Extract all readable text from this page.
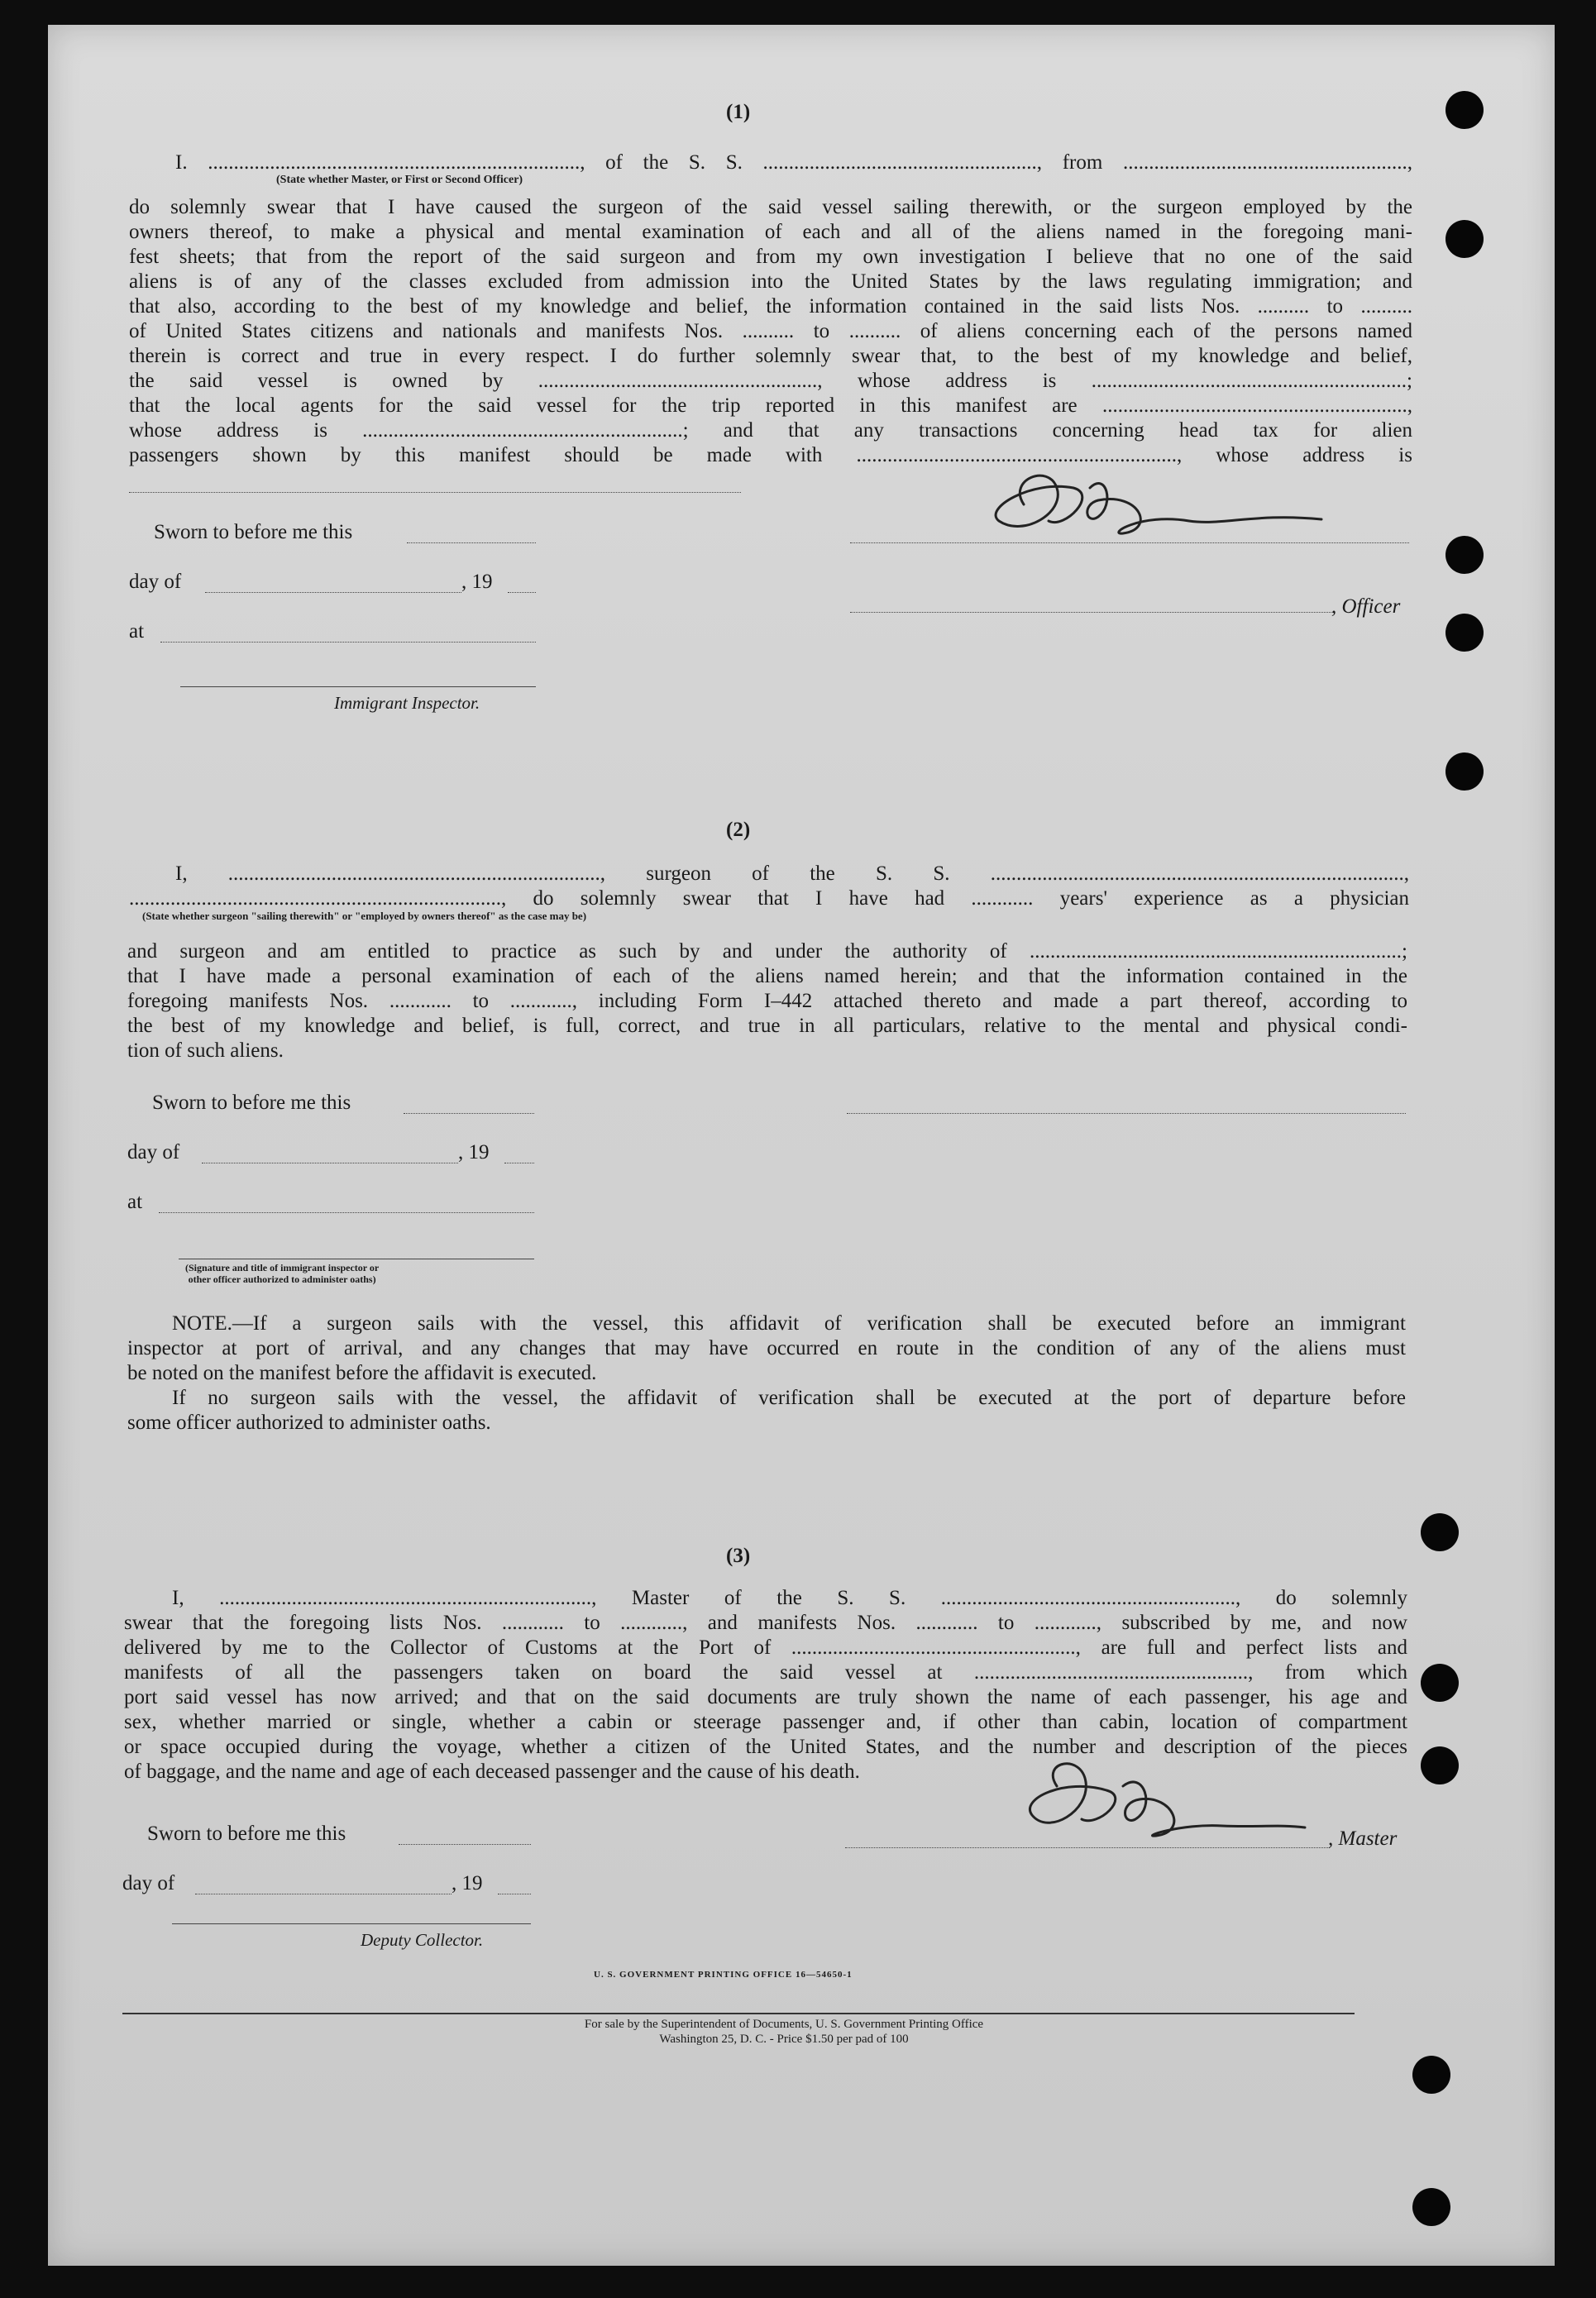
(1)
I. ........................................................................, of the S. S. ....................................................., from .......................................................,
(State whether Master, or First or Second Officer)
do solemnly swear that I have caused the surgeon of the said vessel sailing therewith, or the surgeon employed by the
owners thereof, to make a physical and mental examination of each and all of the aliens named in the foregoing mani-
fest sheets; that from the report of the said surgeon and from my own investigation I believe that no one of the said
aliens is of any of the classes excluded from admission into the United States by the laws regulating immigration; and
that also, according to the best of my knowledge and belief, the information contained in the said lists Nos. .......... to ..........
of United States citizens and nationals and manifests Nos. .......... to .......... of aliens concerning each of the persons named
therein is correct and true in every respect. I do further solemnly swear that, to the best of my knowledge and belief,
the said vessel is owned by ......................................................, whose address is .............................................................;
that the local agents for the said vessel for the trip reported in this manifest are ...........................................................,
whose address is ..............................................................; and that any transactions concerning head tax for alien
passengers shown by this manifest should be made with .............................................................., whose address is
Sworn to before me this
day of	, 19
, Officer
at
Immigrant Inspector.
(2)
I, ........................................................................, surgeon of the S. S. ................................................................................,
........................................................................, do solemnly swear that I have had ............ years' experience as a physician
(State whether surgeon "sailing therewith" or "employed by owners thereof" as the case may be)
and surgeon and am entitled to practice as such by and under the authority of ........................................................................;
that I have made a personal examination of each of the aliens named herein; and that the information contained in the
foregoing manifests Nos. ............ to ............, including Form I–442 attached thereto and made a part thereof, according to
the best of my knowledge and belief, is full, correct, and true in all particulars, relative to the mental and physical condi-
tion of such aliens.
Sworn to before me this
day of	, 19
at
(Signature and title of immigrant inspector or
other officer authorized to administer oaths)
NOTE.—If a surgeon sails with the vessel, this affidavit of verification shall be executed before an immigrant
inspector at port of arrival, and any changes that may have occurred en route in the condition of any of the aliens must
be noted on the manifest before the affidavit is executed.
If no surgeon sails with the vessel, the affidavit of verification shall be executed at the port of departure before
some officer authorized to administer oaths.
(3)
I, ........................................................................, Master of the S. S. ........................................................., do solemnly
swear that the foregoing lists Nos. ............ to ............, and manifests Nos. ............ to ............, subscribed by me, and now
delivered by me to the Collector of Customs at the Port of ......................................................., are full and perfect lists and
manifests of all the passengers taken on board the said vessel at ....................................................., from which
port said vessel has now arrived; and that on the said documents are truly shown the name of each passenger, his age and
sex, whether married or single, whether a cabin or steerage passenger and, if other than cabin, location of compartment
or space occupied during the voyage, whether a citizen of the United States, and the number and description of the pieces
of baggage, and the name and age of each deceased passenger and the cause of his death.
Sworn to before me this	, Master
day of	, 19
Deputy Collector.
U. S. GOVERNMENT PRINTING OFFICE 16—54650-1
For sale by the Superintendent of Documents, U. S. Government Printing Office
Washington 25, D. C. - Price $1.50 per pad of 100
